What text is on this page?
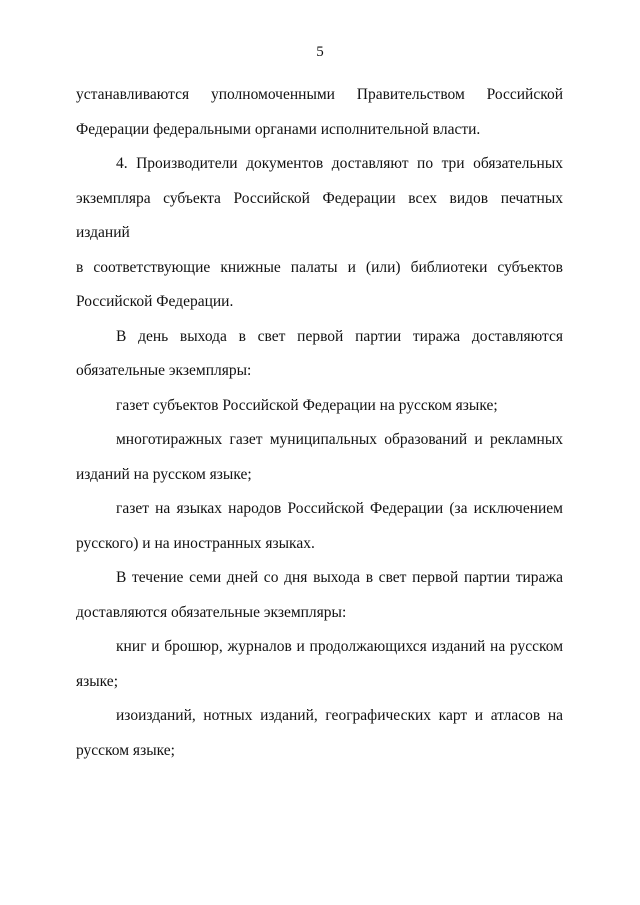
5

устанавливаются уполномоченными Правительством Российской
Федерации федеральными органами исполнительной власти.

4. Производители документов доставляют по три обязательных
экземпляра субъекта Российской Федерации всех видов печатных изданий
в соответствующие книжные палаты и (или) библиотеки субъектов
Российской Федерации.

В день выхода в свет первой партии тиража доставляются
обязательные экземпляры:

газет субъектов Российской Федерации на русском языке;

многотиражных газет муниципальных образований и рекламных
изданий на русском языке;

газет на языках народов Российской Федерации (за исключением
русского) и на иностранных языках.

В течение семи дней со дня выхода в свет первой партии тиража
доставляются обязательные экземпляры:

книг и брошюр, журналов и продолжающихся изданий на русском
языке;

изоизданий, нотных изданий, географических карт и атласов на
русском языке;
